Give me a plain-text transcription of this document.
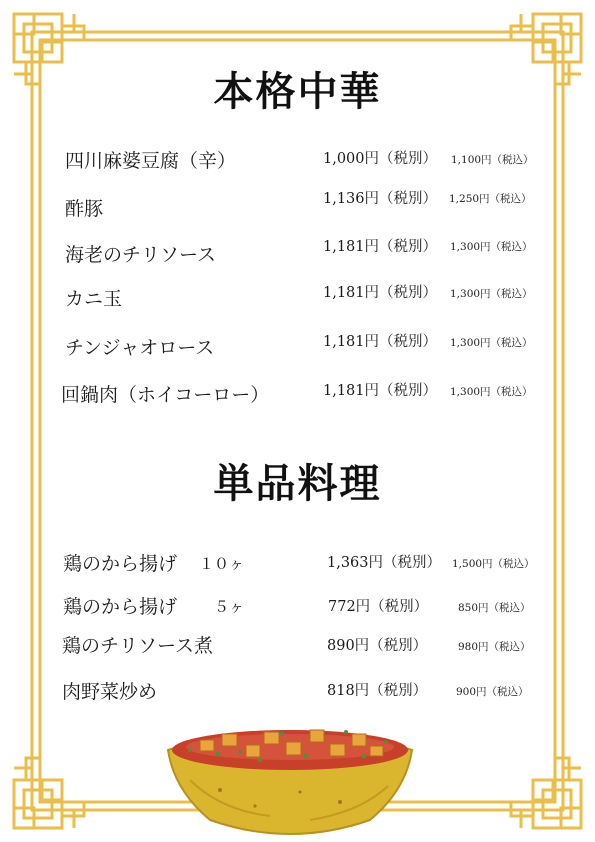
本格中華
四川麻婆豆腐（辛）	1,000円（税別） 1,100円（税込）
酢豚	1,136円（税別） 1,250円（税込）
海老のチリソース	1,181円（税別） 1,300円（税込）
カニ玉	1,181円（税別） 1,300円（税込）
チンジャオロース	1,181円（税別） 1,300円（税込）
回鍋肉（ホイコーロー）	1,181円（税別） 1,300円（税込）
単品料理
鶏のから揚げ １０ヶ	1,363円（税別） 1,500円（税込）
鶏のから揚げ ５ヶ	772円（税別）	850円（税込）
鶏のチリソース煮	890円（税別）	980円（税込）
肉野菜炒め	818円（税別）	900円（税込）
